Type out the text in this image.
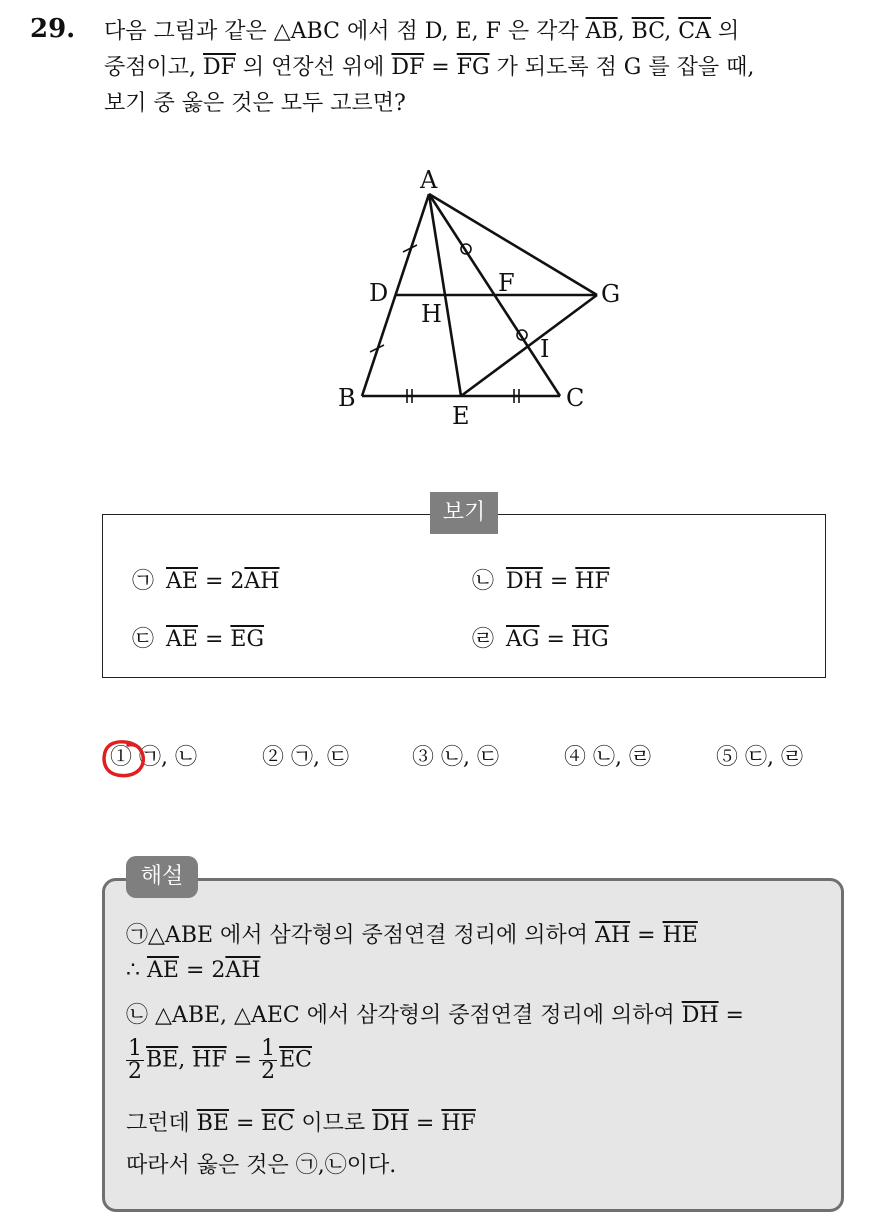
29. 다음 그림과 같은 △ABC 에서 점 D, E, F 은 각각 $\overline{AB}$, $\overline{BC}$, $\overline{CA}$ 의
중점이고, $\overline{DF}$ 의 연장선 위에 $\overline{DF} = \overline{FG}$ 가 되도록 점 G 를 잡을 때,
보기 중 옳은 것은 모두 고르면?
A
B	C
D
E
F	G
H
I
보기
㉠ $\overline{AE} = 2\overline{AH}$	㉡ $\overline{DH} = \overline{HF}$
㉢ $\overline{AE} = \overline{EG}$	㉣ $\overline{AG} = \overline{HG}$
① ㉠, ㉡	② ㉠, ㉢	③ ㉡, ㉢	④ ㉡, ㉣	⑤ ㉢, ㉣
해설
㉠△ABE 에서 삼각형의 중점연결 정리에 의하여 $\overline{AH} = \overline{HE}$
∴ $\overline{AE} = 2\overline{AH}$
㉡ △ABE, △AEC 에서 삼각형의 중점연결 정리에 의하여 $\overline{DH}$ =
$\frac{1}{2} \overline{BE}$, $\overline{HF} = \frac{1}{2} \overline{EC}$
그런데 $\overline{BE} = \overline{EC}$ 이므로 $\overline{DH} = \overline{HF}$
따라서 옳은 것은 ㉠,㉡이다.
